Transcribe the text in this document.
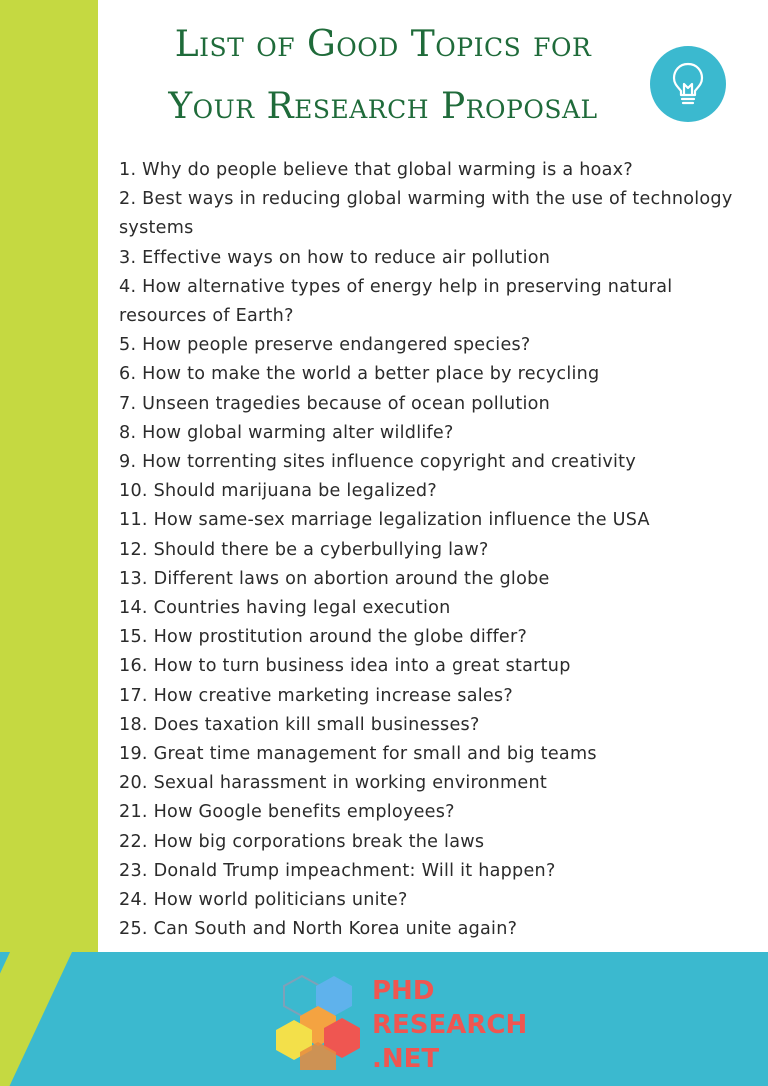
List of Good Topics for
Your Research Proposal
1. Why do people believe that global warming is a hoax?
2. Best ways in reducing global warming with the use of technology systems
3. Effective ways on how to reduce air pollution
4. How alternative types of energy help in preserving natural resources of Earth?
5. How people preserve endangered species?
6. How to make the world a better place by recycling
7. Unseen tragedies because of ocean pollution
8. How global warming alter wildlife?
9. How torrenting sites influence copyright and creativity
10. Should marijuana be legalized?
11. How same-sex marriage legalization influence the USA
12. Should there be a cyberbullying law?
13. Different laws on abortion around the globe
14. Countries having legal execution
15. How prostitution around the globe differ?
16. How to turn business idea into a great startup
17. How creative marketing increase sales?
18. Does taxation kill small businesses?
19. Great time management for small and big teams
20. Sexual harassment in working environment
21. How Google benefits employees?
22. How big corporations break the laws
23. Donald Trump impeachment: Will it happen?
24. How world politicians unite?
25. Can South and North Korea unite again?
PHD
RESEARCH
.NET
